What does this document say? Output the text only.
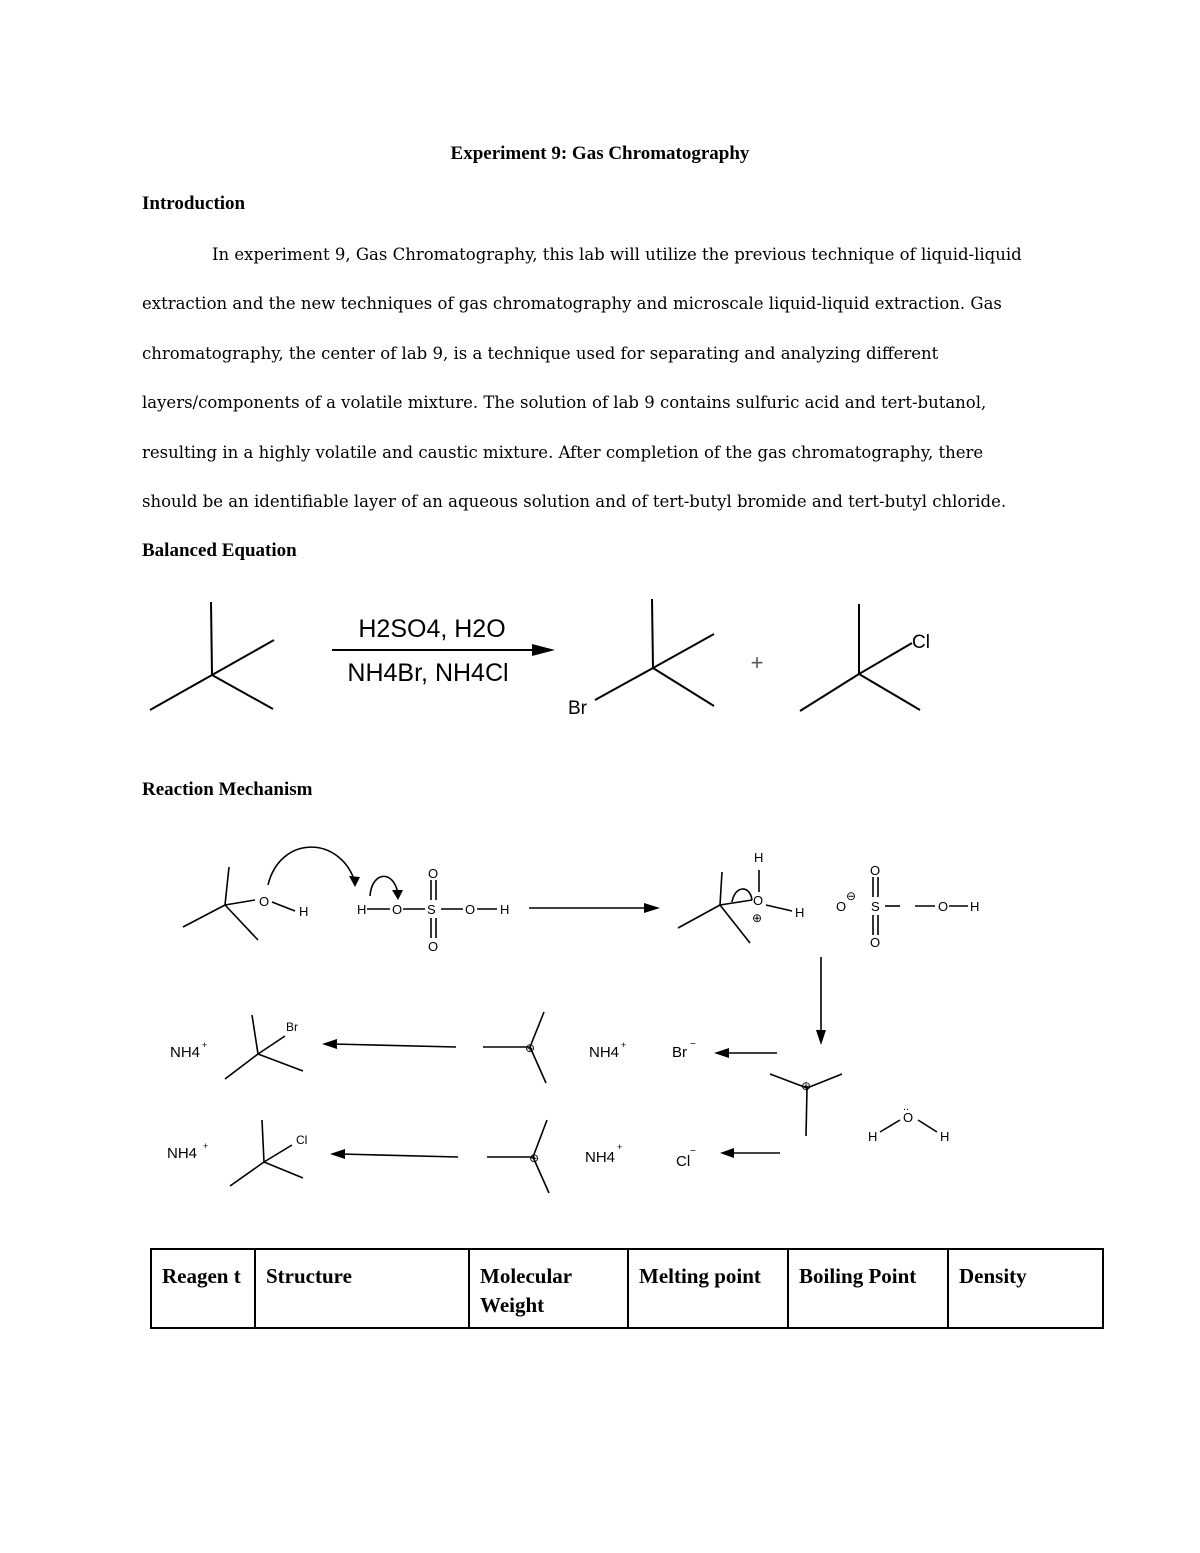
Experiment 9: Gas Chromatography
Introduction
In experiment 9, Gas Chromatography, this lab will utilize the previous technique of liquid-liquid
extraction and the new techniques of gas chromatography and microscale liquid-liquid extraction. Gas
chromatography, the center of lab 9, is a technique used for separating and analyzing different
layers/components of a volatile mixture. The solution of lab 9 contains sulfuric acid and tert-butanol,
resulting in a highly volatile and caustic mixture. After completion of the gas chromatography, there
should be an identifiable layer of an aqueous solution and of tert-butyl bromide and tert-butyl chloride.
Balanced Equation
H2SO4, H2O
NH4Br, NH4Cl
Br
+
Cl
Reaction Mechanism
O
H	H O S
O
O
O H
H
O
⊕	H O
⊖
O
S
O
O H
NH4 +
Br
⊕	NH4 +	Br −
⊕
H
O
..
H
NH4 +	Cl
⊕	NH4
+
Cl
−
Reagen t	Structure	Molecular Weight	Melting point	Boiling Point	Density
